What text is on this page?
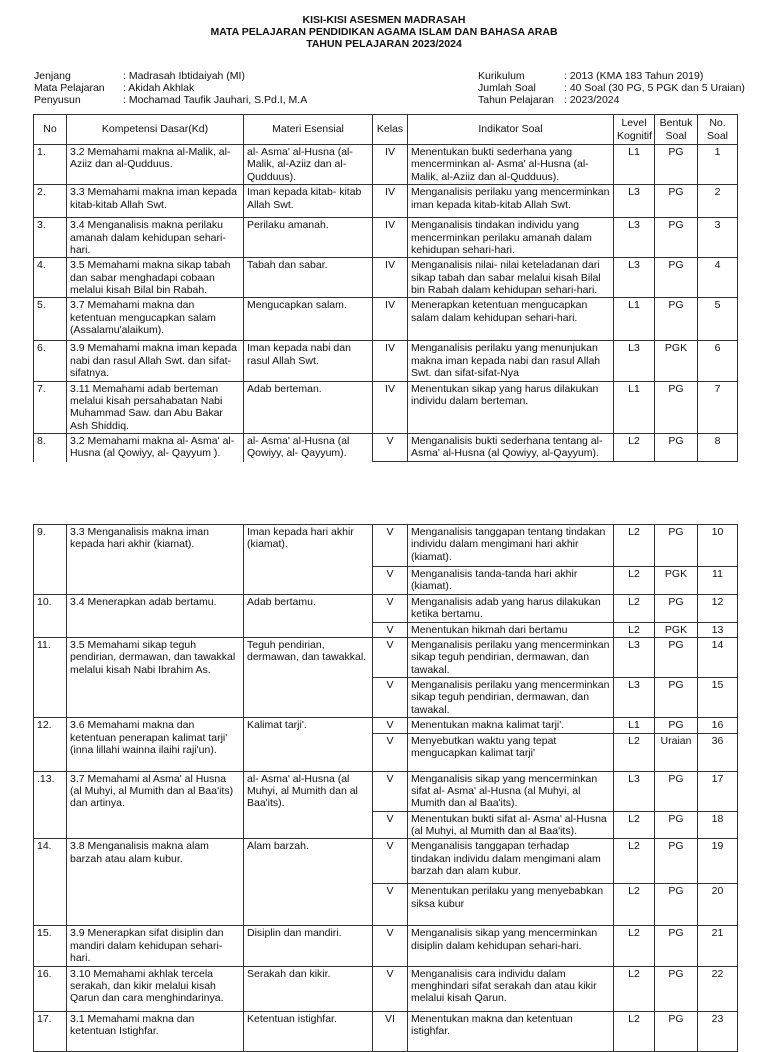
KISI-KISI ASESMEN MADRASAH
MATA PELAJARAN PENDIDIKAN AGAMA ISLAM DAN BAHASA ARAB
TAHUN PELAJARAN 2023/2024
Jenjang	: Madrasah Ibtidaiyah (MI)
Mata Pelajaran : Akidah Akhlak
Penyusun	: Mochamad Taufik Jauhari, S.Pd.I, M.A
Kurikulum	: 2013 (KMA 183 Tahun 2019)
Jumlah Soal	: 40 Soal (30 PG, 5 PGK dan 5 Uraian)
Tahun Pelajaran : 2023/2024
No	Kompetensi Dasar(Kd)	Materi Esensial	Kelas	Indikator Soal	Level Kognitif	Bentuk Soal	No. Soal
1.	3.2 Memahami makna al-Malik, al-Aziiz dan al-Qudduus.	al- Asma' al-Husna (al-Malik, al-Aziiz dan al-Qudduus).	IV	Menentukan bukti sederhana yang mencerminkan al- Asma' al-Husna (al- Malik, al-Aziiz dan al-Qudduus).	L1	PG	1
2.	3.3 Memahami makna iman kepada kitab-kitab Allah Swt.	Iman kepada kitab- kitab Allah Swt.	IV	Menganalisis perilaku yang mencerminkan iman kepada kitab-kitab Allah Swt.	L3	PG	2
3.	3.4 Menganalisis makna perilaku amanah dalam kehidupan sehari-hari.	Perilaku amanah.	IV	Menganalisis tindakan individu yang mencerminkan perilaku amanah dalam kehidupan sehari-hari.	L3	PG	3
4.	3.5 Memahami makna sikap tabah dan sabar menghadapi cobaan melalui kisah Bilal bin Rabah.	Tabah dan sabar.	IV	Menganalisis nilai- nilai keteladanan dari sikap tabah dan sabar melalui kisah Bilal bin Rabah dalam kehidupan sehari-hari.	L3	PG	4
5.	3.7 Memahami makna dan ketentuan mengucapkan salam (Assalamu'alaikum).	Mengucapkan salam.	IV	Menerapkan ketentuan mengucapkan salam dalam kehidupan sehari-hari.	L1	PG	5
6.	3.9 Memahami makna iman kepada nabi dan rasul Allah Swt. dan sifat-sifatnya.	Iman kepada nabi dan rasul Allah Swt.	IV	Menganalisis perilaku yang menunjukan makna iman kepada nabi dan rasul Allah Swt. dan sifat-sifat-Nya	L3	PGK	6
7.	3.11 Memahami adab berteman melalui kisah persahabatan Nabi Muhammad Saw. dan Abu Bakar Ash Shiddiq.	Adab berteman.	IV	Menentukan sikap yang harus dilakukan individu dalam berteman.	L1	PG	7
8.	3.2 Memahami makna al- Asma' al-Husna (al Qowiyy, al- Qayyum ).	al- Asma' al-Husna (al Qowiyy, al- Qayyum).	V	Menganalisis bukti sederhana tentang al-Asma' al-Husna (al Qowiyy, al-Qayyum).	L2	PG	8

9.	3.3 Menganalisis makna iman kepada hari akhir (kiamat).	Iman kepada hari akhir (kiamat).	V	Menganalisis tanggapan tentang tindakan individu dalam mengimani hari akhir (kiamat).	L2	PG	10
			V	Menganalisis tanda-tanda hari akhir (kiamat).	L2	PGK	11
10.	3.4 Menerapkan adab bertamu.	Adab bertamu.	V	Menganalisis adab yang harus dilakukan ketika bertamu.	L2	PG	12
			V	Menentukan hikmah dari bertamu	L2	PGK	13
11.	3.5 Memahami sikap teguh pendirian, dermawan, dan tawakkal melalui kisah Nabi Ibrahim As.	Teguh pendirian, dermawan, dan tawakkal.	V	Menganalisis perilaku yang mencerminkan sikap teguh pendirian, dermawan, dan tawakal.	L3	PG	14
			V	Menganalisis perilaku yang mencerminkan sikap teguh pendirian, dermawan, dan tawakal.	L3	PG	15
12.	3.6 Memahami makna dan ketentuan penerapan kalimat tarji' (inna lillahi wainna ilaihi raji'un).	Kalimat tarji'.	V	Menentukan makna kalimat tarji'.	L1	PG	16
			V	Menyebutkan waktu yang tepat mengucapkan kalimat tarji'	L2	Uraian	36
.13.	3.7 Memahami al Asma' al Husna (al Muhyi, al Mumith dan al Baa'its) dan artinya.	al- Asma' al-Husna (al Muhyi, al Mumith dan al Baa'its).	V	Menganalisis sikap yang mencerminkan sifat al- Asma' al-Husna (al Muhyi, al Mumith dan al Baa'its).	L3	PG	17
			V	Menentukan bukti sifat al- Asma' al-Husna (al Muhyi, al Mumith dan al Baa'its).	L2	PG	18
14.	3.8 Menganalisis makna alam barzah atau alam kubur.	Alam barzah.	V	Menganalisis tanggapan terhadap tindakan individu dalam mengimani alam barzah dan alam kubur.	L2	PG	19
			V	Menentukan perilaku yang menyebabkan siksa kubur	L2	PG	20
15.	3.9 Menerapkan sifat disiplin dan mandiri dalam kehidupan sehari-hari.	Disiplin dan mandiri.	V	Menganalisis sikap yang mencerminkan disiplin dalam kehidupan sehari-hari.	L2	PG	21
16.	3.10 Memahami akhlak tercela serakah, dan kikir melalui kisah Qarun dan cara menghindarinya.	Serakah dan kikir.	V	Menganalisis cara individu dalam menghindari sifat serakah dan atau kikir melalui kisah Qarun.	L2	PG	22
17.	3.1 Memahami makna dan ketentuan Istighfar.	Ketentuan istighfar.	VI	Menentukan makna dan ketentuan istighfar.	L2	PG	23
